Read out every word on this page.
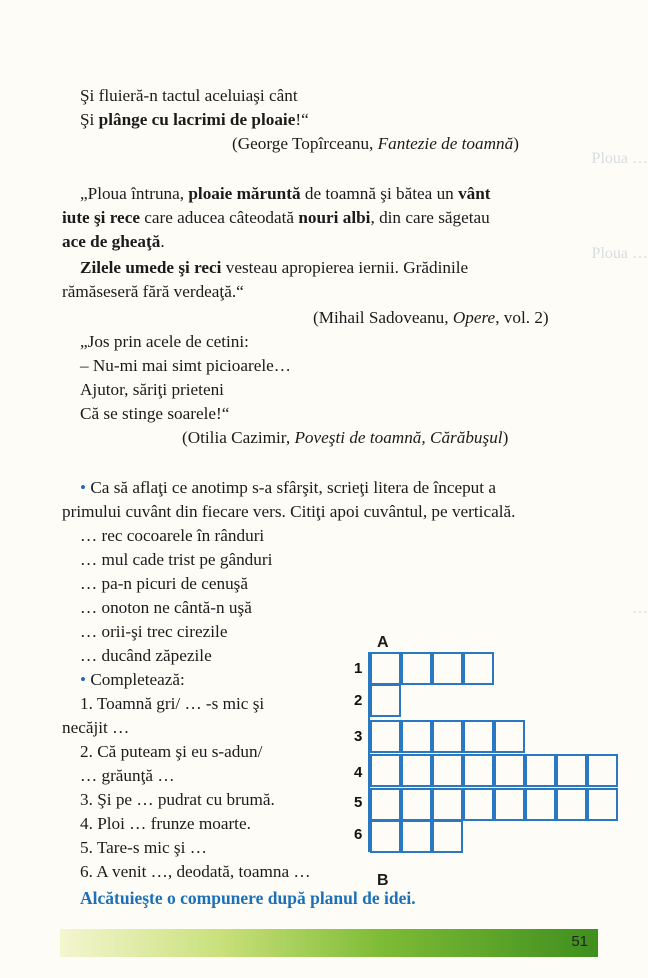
Şi fluieră-n tactul aceluiaşi cânt
Şi plânge cu lacrimi de ploaie!“
(George Topîrceanu, Fantezie de toamnă)
„Ploua întruna, ploaie măruntă de toamnă şi bătea un vânt
iute şi rece care aducea câteodată nouri albi, din care săgetau
ace de gheaţă.
Zilele umede şi reci vesteau apropierea iernii. Grădinile
rămăseseră fără verdeaţă.“
(Mihail Sadoveanu, Opere, vol. 2)
„Jos prin acele de cetini:
– Nu-mi mai simt picioarele…
Ajutor, săriţi prieteni
Că se stinge soarele!“
(Otilia Cazimir, Poveşti de toamnă, Cărăbuşul)
• Ca să aflaţi ce anotimp s-a sfârşit, scrieţi litera de început a
primului cuvânt din fiecare vers. Citiţi apoi cuvântul, pe verticală.
… rec cocoarele în rânduri
… mul cade trist pe gânduri
… pa-n picuri de cenuşă
… onoton ne cântă-n uşă
… orii-şi trec cirezile
… ducând zăpezile
• Completează:
1. Toamnă gri/ … -s mic şi
necăjit …
2. Că puteam şi eu s-adun/
… grăunţă …
3. Şi pe … pudrat cu brumă.
4. Ploi … frunze moarte.
5. Tare-s mic şi …
6. A venit …, deodată, toamna …
Alcătuieşte o compunere după planul de idei.
A
B
1
2
3
4
5
6
Ploua …
Ploua …
…
51
